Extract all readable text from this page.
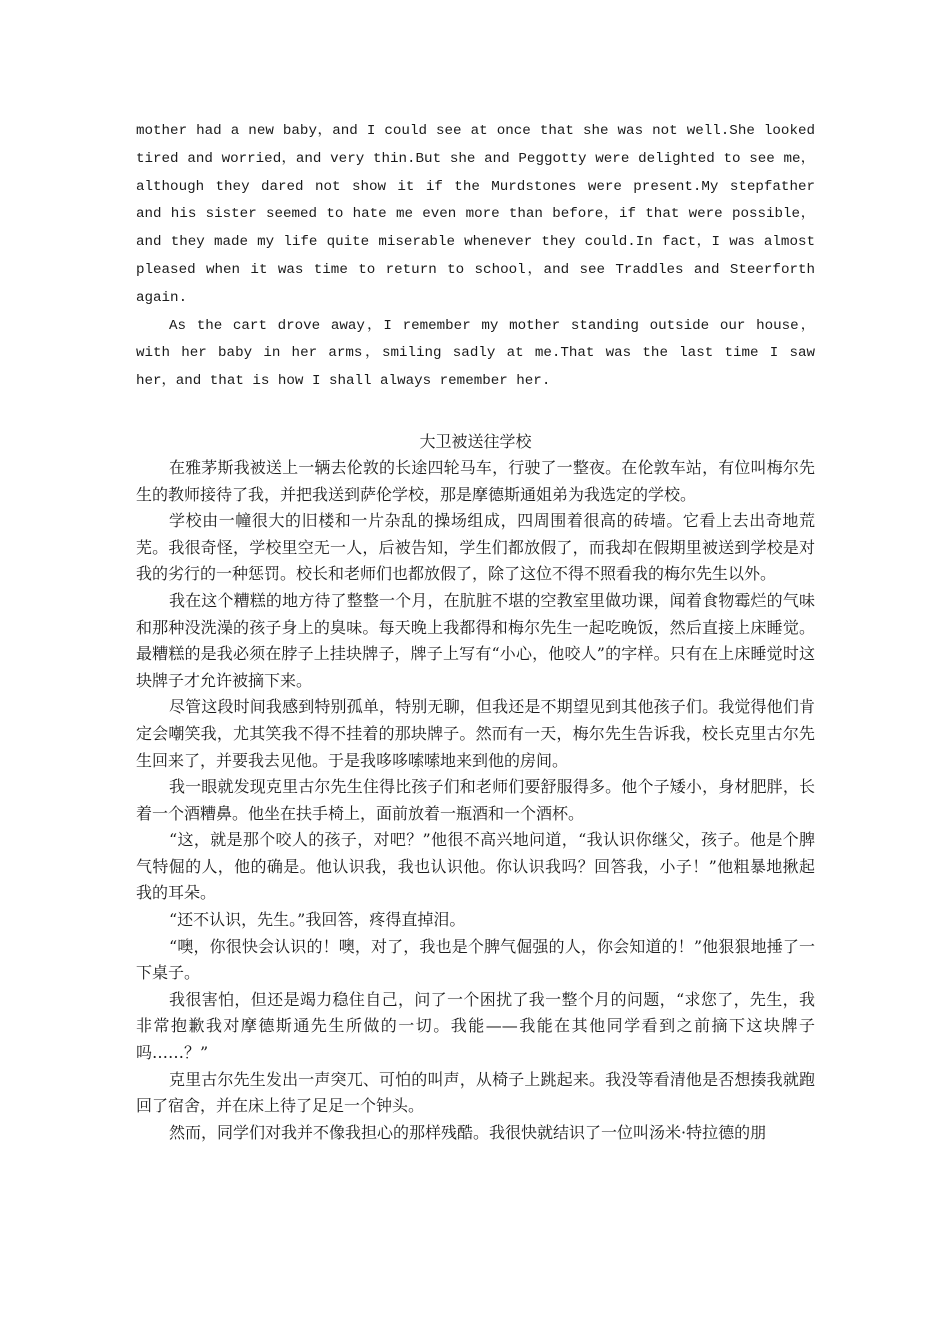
mother had a new baby，and I could see at once that she was not well.She looked tired and worried，and very thin.But she and Peggotty were delighted to see me，although they dared not show it if the Murdstones were present.My stepfather and his sister seemed to hate me even more than before，if that were possible，and they made my life quite miserable whenever they could.In fact，I was almost pleased when it was time to return to school，and see Traddles and Steerforth again.

As the cart drove away，I remember my mother standing outside our house，with her baby in her arms，smiling sadly at me.That was the last time I saw her，and that is how I shall always remember her.

大卫被送往学校

在雅茅斯我被送上一辆去伦敦的长途四轮马车，行驶了一整夜。在伦敦车站，有位叫梅尔先生的教师接待了我，并把我送到萨伦学校，那是摩德斯通姐弟为我选定的学校。

学校由一幢很大的旧楼和一片杂乱的操场组成，四周围着很高的砖墙。它看上去出奇地荒芜。我很奇怪，学校里空无一人，后被告知，学生们都放假了，而我却在假期里被送到学校是对我的劣行的一种惩罚。校长和老师们也都放假了，除了这位不得不照看我的梅尔先生以外。

我在这个糟糕的地方待了整整一个月，在肮脏不堪的空教室里做功课，闻着食物霉烂的气味和那种没洗澡的孩子身上的臭味。每天晚上我都得和梅尔先生一起吃晚饭，然后直接上床睡觉。最糟糕的是我必须在脖子上挂块牌子，牌子上写有“小心，他咬人”的字样。只有在上床睡觉时这块牌子才允许被摘下来。

尽管这段时间我感到特别孤单，特别无聊，但我还是不期望见到其他孩子们。我觉得他们肯定会嘲笑我，尤其笑我不得不挂着的那块牌子。然而有一天，梅尔先生告诉我，校长克里古尔先生回来了，并要我去见他。于是我哆哆嗦嗦地来到他的房间。

我一眼就发现克里古尔先生住得比孩子们和老师们要舒服得多。他个子矮小，身材肥胖，长着一个酒糟鼻。他坐在扶手椅上，面前放着一瓶酒和一个酒杯。

“这，就是那个咬人的孩子，对吧？”他很不高兴地问道，“我认识你继父，孩子。他是个脾气特倔的人，他的确是。他认识我，我也认识他。你认识我吗？回答我，小子！”他粗暴地揪起我的耳朵。

“还不认识，先生。”我回答，疼得直掉泪。

“噢，你很快会认识的！噢，对了，我也是个脾气倔强的人，你会知道的！”他狠狠地捶了一下桌子。

我很害怕，但还是竭力稳住自己，问了一个困扰了我一整个月的问题，“求您了，先生，我非常抱歉我对摩德斯通先生所做的一切。我能——我能在其他同学看到之前摘下这块牌子吗……？”

克里古尔先生发出一声突兀、可怕的叫声，从椅子上跳起来。我没等看清他是否想揍我就跑回了宿舍，并在床上待了足足一个钟头。

然而，同学们对我并不像我担心的那样残酷。我很快就结识了一位叫汤米·特拉德的朋
